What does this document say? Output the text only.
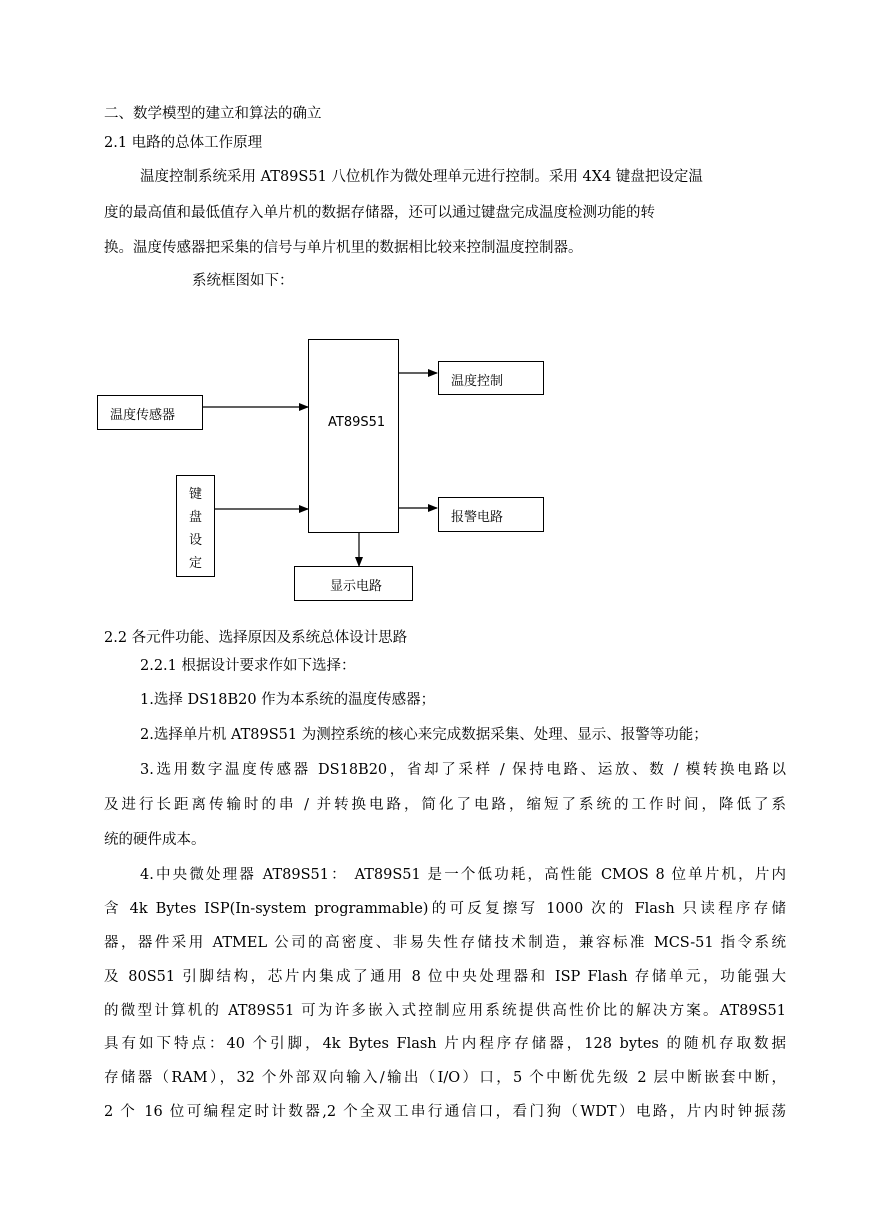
二、数学模型的建立和算法的确立
2.1 电路的总体工作原理
温度控制系统采用 AT89S51 八位机作为微处理单元进行控制。采用 4X4 键盘把设定温
度的最高值和最低值存入单片机的数据存储器，还可以通过键盘完成温度检测功能的转
换。温度传感器把采集的信号与单片机里的数据相比较来控制温度控制器。
系统框图如下：
AT89S51
温度传感器
键
盘
设
定
温度控制
报警电路
显示电路
2.2 各元件功能、选择原因及系统总体设计思路
2.2.1 根据设计要求作如下选择：
1.选择 DS18B20 作为本系统的温度传感器；
2.选择单片机 AT89S51 为测控系统的核心来完成数据采集、处理、显示、报警等功能；
3.选用数字温度传感器 DS18B20，省却了采样 / 保持电路、运放、数 / 模转换电路以
及进行长距离传输时的串 / 并转换电路，简化了电路，缩短了系统的工作时间，降低了系
统的硬件成本。
4.中央微处理器 AT89S51： AT89S51 是一个低功耗，高性能 CMOS 8 位单片机，片内
含 4k Bytes ISP(In-system programmable)的可反复擦写 1000 次的 Flash 只读程序存储
器，器件采用 ATMEL 公司的高密度、非易失性存储技术制造，兼容标准 MCS-51 指令系统
及 80S51 引脚结构，芯片内集成了通用 8 位中央处理器和 ISP Flash 存储单元，功能强大
的微型计算机的 AT89S51 可为许多嵌入式控制应用系统提供高性价比的解决方案。AT89S51
具有如下特点：40 个引脚，4k Bytes Flash 片内程序存储器，128 bytes 的随机存取数据
存储器（RAM），32 个外部双向输入/输出（I/O）口，5 个中断优先级 2 层中断嵌套中断，
2 个 16 位可编程定时计数器,2 个全双工串行通信口，看门狗（WDT）电路，片内时钟振荡
